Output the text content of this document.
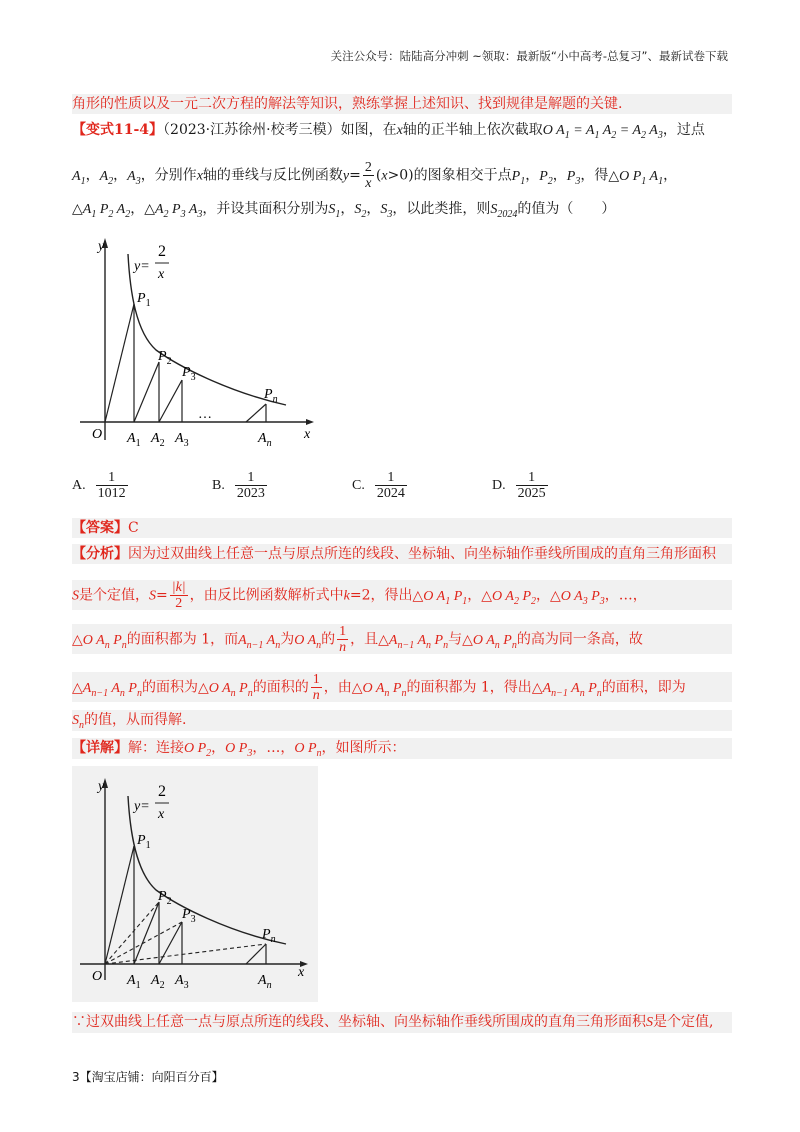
关注公众号：陆陆高分冲刺 ~领取：最新版“小中高考-总复习”、最新试卷下载
角形的性质以及一元二次方程的解法等知识，熟练掌握上述知识、找到规律是解题的关键.
【变式11-4】（2023·江苏徐州·校考三模）如图，在x轴的正半轴上依次截取O $A_1 = A_1$ $A_2 = A_2$ $A_3$，过点
$A_1$，$A_2$，$A_3$，分别作x轴的垂线与反比例函数$y= \frac{2}{x} (x>0)$的图象相交于点$P_1$，$P_2$，$P_3$，得△O $P_1$ $A_1$，
$\triangle A_1$ $P_2$ $A_2$，$\triangle A_2$ $P_3$ $A_3$，并设其面积分别为$S_1$，$S_2$，$S_3$，以此类推，则$S_{2024}$的值为（　　）
y
x
O
y=
2
x
$P_1$
$P_2$
$P_3$
$P_n$
…
$A_1$ $A_2$ $A_3$	$A_n$
A. $\frac{1}{1012}$	B. $\frac{1}{2023}$	C. $\frac{1}{2024}$	D. $\frac{1}{2025}$
【答案】C
【分析】因为过双曲线上任意一点与原点所连的线段、坐标轴、向坐标轴作垂线所围成的直角三角形面积
S是个定值，$S= \frac{|k|}{2}$ ，由反比例函数解析式中k=2，得出△O $A_1$ $P_1$，△O $A_2$ $P_2$，△O $A_3$ $P_3$，…，
△O $A_n$ $P_n$的面积都为 1，而$A_{n-1}$ $A_n$为O $A_n$的 $\frac{1}{n}$ ，且$\triangle A_{n-1}$ $A_n$ $P_n$与△O $A_n$ $P_n$的高为同一条高，故
$\triangle A_{n-1}$ $A_n$ $P_n$的面积为△O $A_n$ $P_n$的面积的 $\frac{1}{n}$ ，由△O $A_n$ $P_n$的面积都为 1，得出$\triangle A_{n-1}$ $A_n$ $P_n$的面积，即为
$S_n$的值，从而得解.
【详解】解：连接O $P_2$，O $P_3$，…，O $P_n$，如图所示：
y
x
O
y=
2
x
$P_1$
$P_2$
$P_3$
$P_n$
$A_1$ $A_2$ $A_3$	$A_n$
∵过双曲线上任意一点与原点所连的线段、坐标轴、向坐标轴作垂线所围成的直角三角形面积S是个定值,
3【淘宝店铺：向阳百分百】
